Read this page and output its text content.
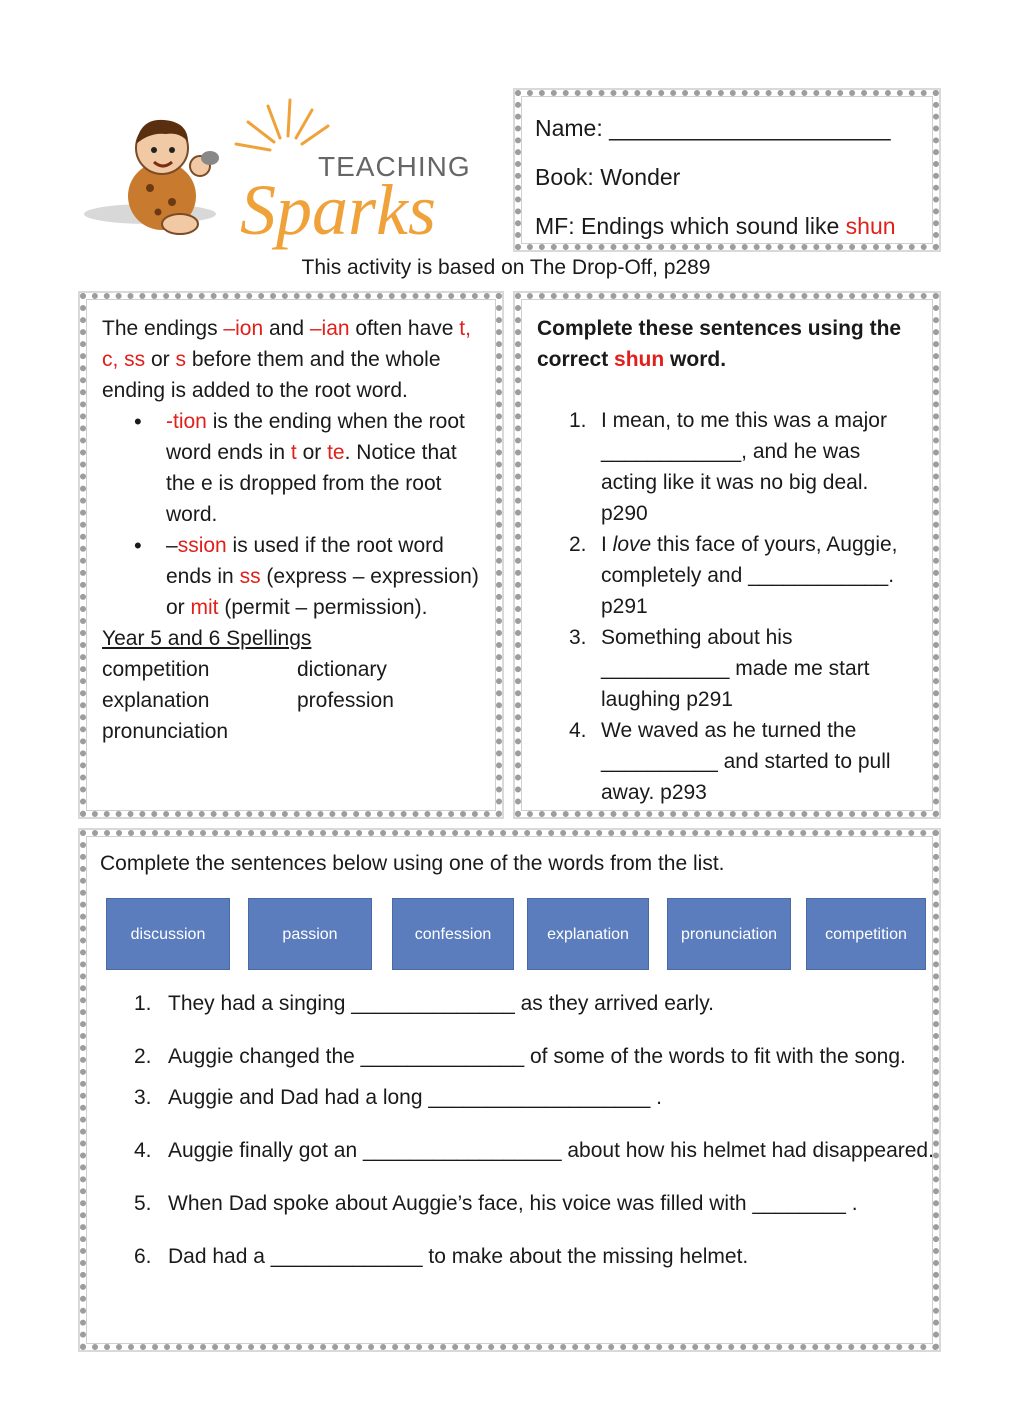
TEACHING
Sparks
Name: ______________________
Book: Wonder
MF: Endings which sound like shun
This activity is based on The Drop-Off, p289
The endings –ion and –ian often have t, c, ss or s before them and the whole ending is added to the root word.
• -tion is the ending when the root word ends in t or te. Notice that the e is dropped from the root word.
• –ssion is used if the root word ends in ss (express – expression) or mit (permit – permission).
Year 5 and 6 Spellings
competition	dictionary
explanation	profession
pronunciation
Complete these sentences using the correct shun word.
1. I mean, to me this was a major ____________, and he was acting like it was no big deal. p290
2. I love this face of yours, Auggie, completely and ____________. p291
3. Something about his ___________ made me start laughing p291
4. We waved as he turned the __________ and started to pull away. p293
Complete the sentences below using one of the words from the list.
discussion	passion	confession	explanation	pronunciation	competition
1. They had a singing ______________ as they arrived early.
2. Auggie changed the ______________ of some of the words to fit with the song.
3. Auggie and Dad had a long ___________________ .
4. Auggie finally got an _________________ about how his helmet had disappeared.
5. When Dad spoke about Auggie’s face, his voice was filled with ________ .
6. Dad had a _____________ to make about the missing helmet.
